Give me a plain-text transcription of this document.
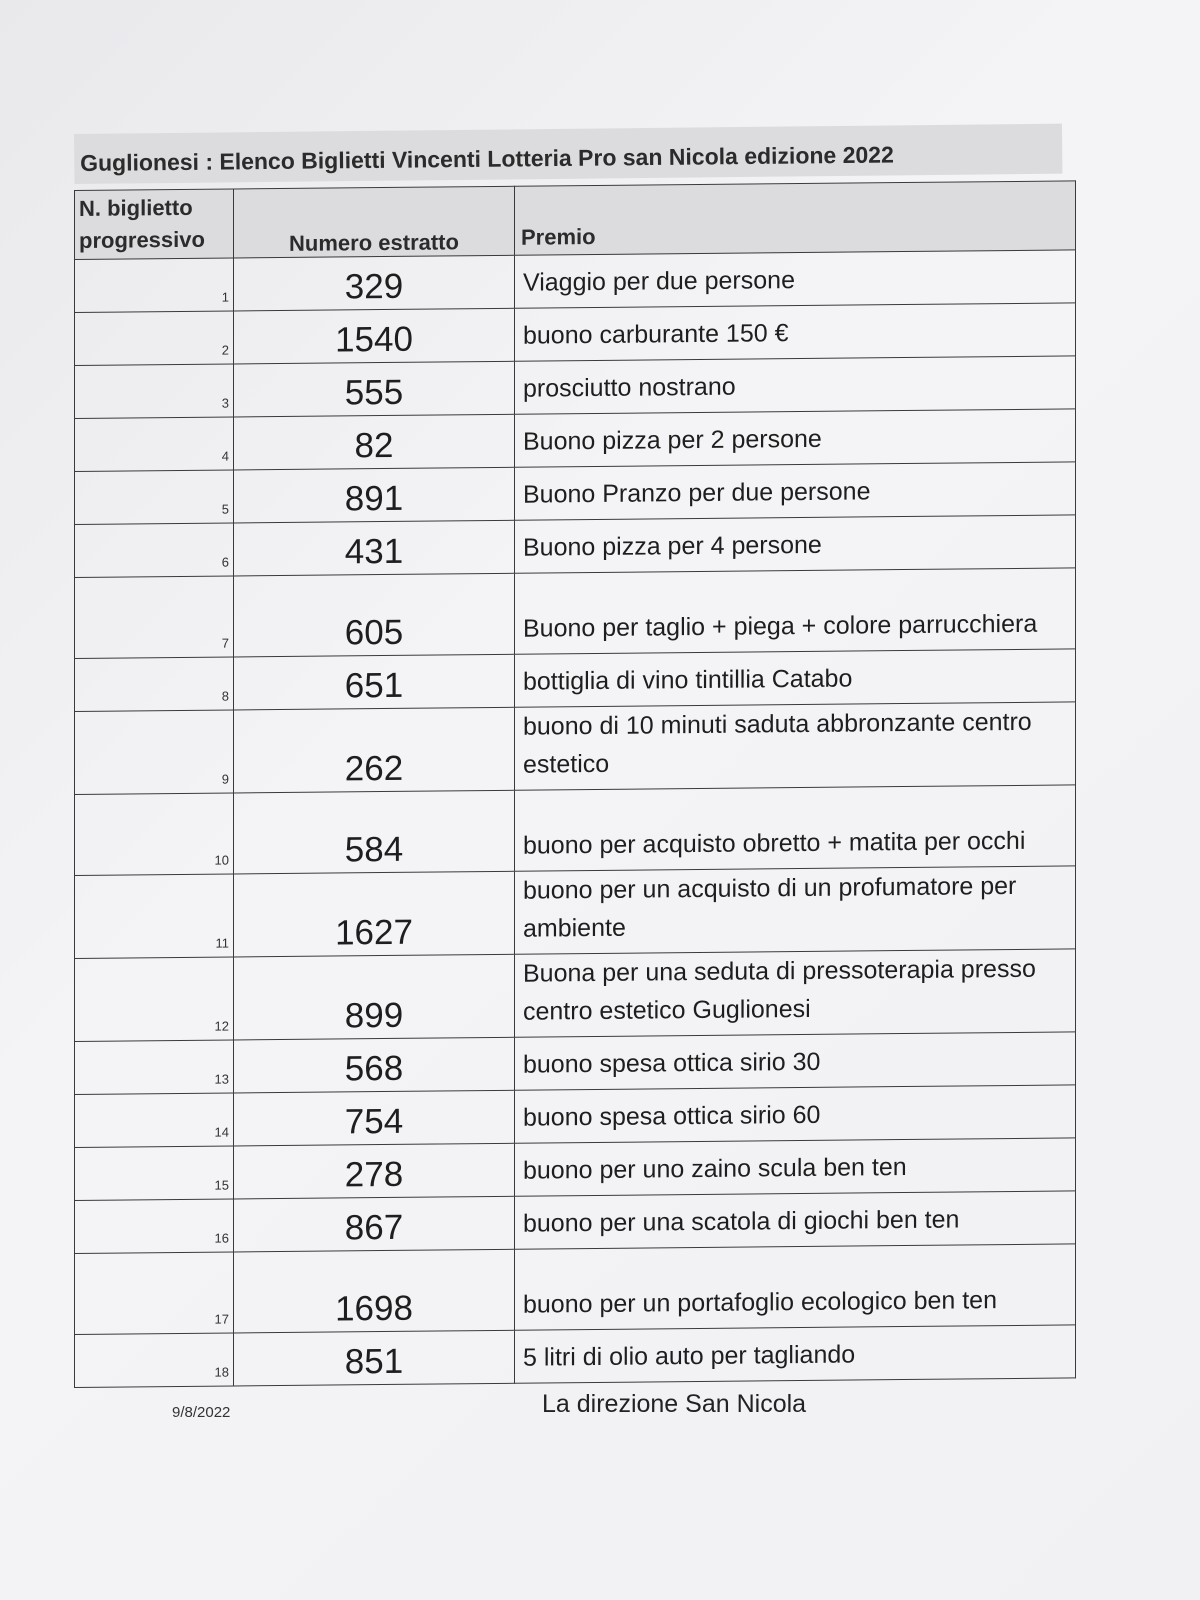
Guglionesi : Elenco Biglietti Vincenti Lotteria Pro san Nicola edizione 2022
N. biglietto
progressivo	Numero estratto	Premio
1	329	Viaggio per due persone
2	1540	buono carburante 150 €
3	555	prosciutto nostrano
4	82	Buono pizza per 2 persone
5	891	Buono Pranzo per due persone
6	431	Buono pizza per 4 persone
7	605	Buono per taglio + piega + colore parrucchiera
8	651	bottiglia di vino tintillia Catabo
9	262	buono di 10 minuti saduta abbronzante centro estetico
10	584	buono per acquisto obretto + matita per occhi
11	1627	buono per un acquisto di un profumatore per ambiente
12	899	Buona per una seduta di pressoterapia presso centro estetico Guglionesi
13	568	buono spesa ottica sirio 30
14	754	buono spesa ottica sirio 60
15	278	buono per uno zaino scula ben ten
16	867	buono per una scatola di giochi ben ten
17	1698	buono per un portafoglio ecologico ben ten
18	851	5 litri di olio auto per tagliando
9/8/2022	La direzione San Nicola
